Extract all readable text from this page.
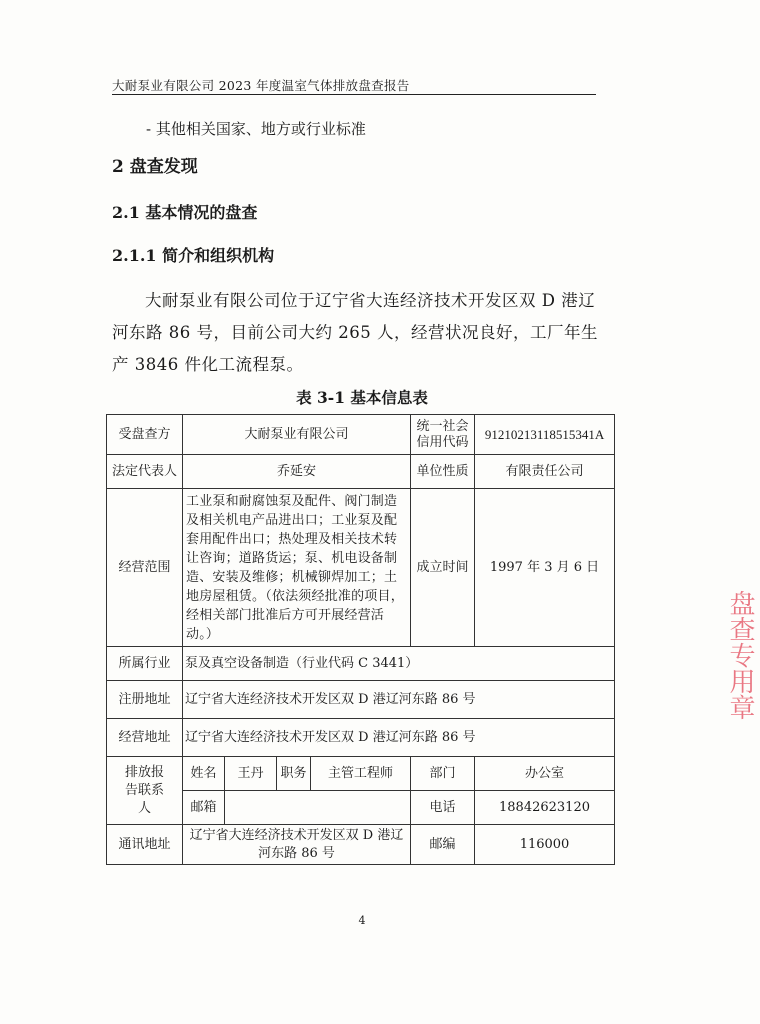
大耐泵业有限公司 2023 年度温室气体排放盘查报告
- 其他相关国家、地方或行业标准
2 盘查发现
2.1 基本情况的盘查
2.1.1 简介和组织机构
大耐泵业有限公司位于辽宁省大连经济技术开发区双 D 港辽河东路 86 号，目前公司大约 265 人，经营状况良好，工厂年生产 3846 件化工流程泵。
表 3-1 基本信息表
受盘查方	大耐泵业有限公司				统一社会信用代码	91210213118515341A
法定代表人	乔延安				单位性质	有限责任公司
经营范围	工业泵和耐腐蚀泵及配件、阀门制造及相关机电产品进出口；工业泵及配套用配件出口；热处理及相关技术转让咨询；道路货运；泵、机电设备制造、安装及维修；机械铆焊加工；土地房屋租赁。（依法须经批准的项目，经相关部门批准后方可开展经营活动。）				成立时间	1997 年 3 月 6 日
所属行业	泵及真空设备制造（行业代码 C 3441）					
注册地址	辽宁省大连经济技术开发区双 D 港辽河东路 86 号					
经营地址	辽宁省大连经济技术开发区双 D 港辽河东路 86 号					
排放报告联系人	姓名	王丹	职务	主管工程师	部门	办公室
	邮箱				电话	18842623120
通讯地址	辽宁省大连经济技术开发区双 D 港辽河东路 86 号				邮编	116000
盘查专用章
4
